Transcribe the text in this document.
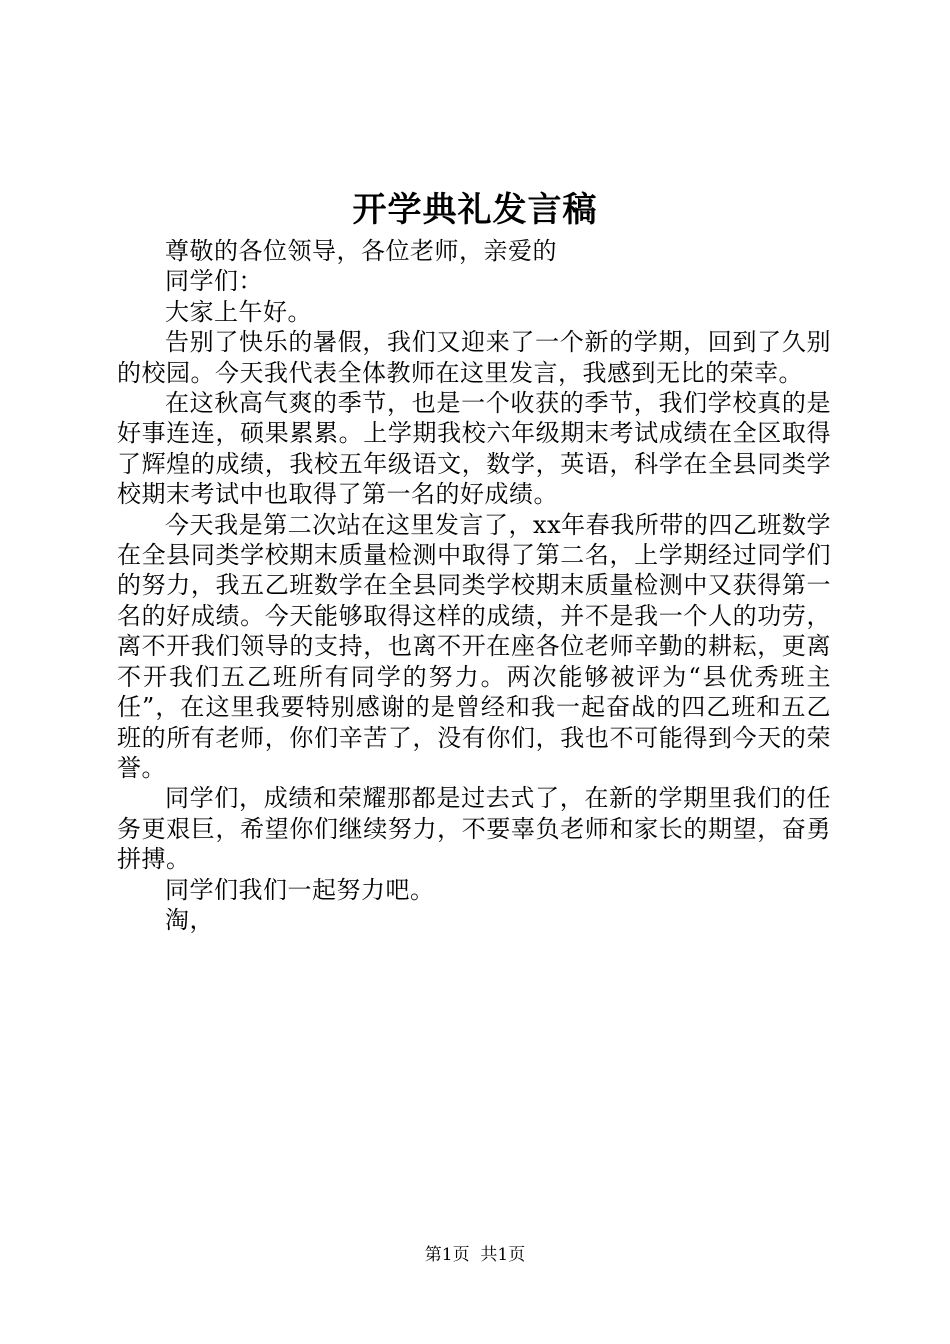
开学典礼发言稿

尊敬的各位领导，各位老师，亲爱的

同学们：

大家上午好。

告别了快乐的暑假，我们又迎来了一个新的学期，回到了久别的校园。今天我代表全体教师在这里发言，我感到无比的荣幸。

在这秋高气爽的季节，也是一个收获的季节，我们学校真的是好事连连，硕果累累。上学期我校六年级期末考试成绩在全区取得了辉煌的成绩，我校五年级语文，数学，英语，科学在全县同类学校期末考试中也取得了第一名的好成绩。

今天我是第二次站在这里发言了，xx年春我所带的四乙班数学在全县同类学校期末质量检测中取得了第二名，上学期经过同学们的努力，我五乙班数学在全县同类学校期末质量检测中又获得第一名的好成绩。今天能够取得这样的成绩，并不是我一个人的功劳，离不开我们领导的支持，也离不开在座各位老师辛勤的耕耘，更离不开我们五乙班所有同学的努力。两次能够被评为“县优秀班主任”，在这里我要特别感谢的是曾经和我一起奋战的四乙班和五乙班的所有老师，你们辛苦了，没有你们，我也不可能得到今天的荣誉。

同学们，成绩和荣耀那都是过去式了，在新的学期里我们的任务更艰巨，希望你们继续努力，不要辜负老师和家长的期望，奋勇拼搏。

同学们我们一起努力吧。

淘，

第1页  共1页
